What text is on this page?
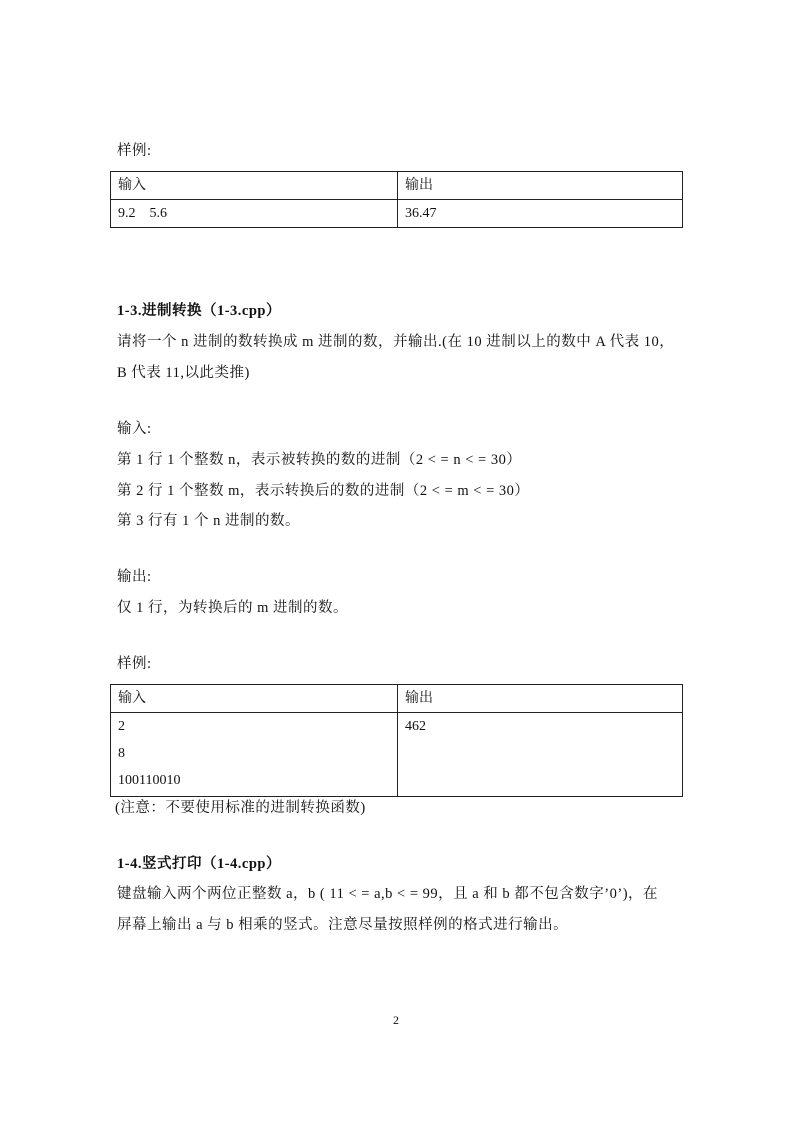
样例:
输入	输出

9.2    5.6	36.47
1-3.进制转换（1-3.cpp）
请将一个 n 进制的数转换成 m 进制的数，并输出.(在 10 进制以上的数中 A 代表 10，
B 代表 11,以此类推)
输入:
第 1 行 1 个整数 n，表示被转换的数的进制（2 < = n < = 30）
第 2 行 1 个整数 m，表示转换后的数的进制（2 < = m < = 30）
第 3 行有 1 个 n 进制的数。
输出:
仅 1 行，为转换后的 m 进制的数。
样例:
输入	输出

2
8
100110010	462
(注意：不要使用标准的进制转换函数)
1-4.竖式打印（1-4.cpp）
键盘输入两个两位正整数 a，b ( 11 < = a,b < = 99，且 a 和 b 都不包含数字’0’)，在
屏幕上输出 a 与 b 相乘的竖式。注意尽量按照样例的格式进行输出。
2
